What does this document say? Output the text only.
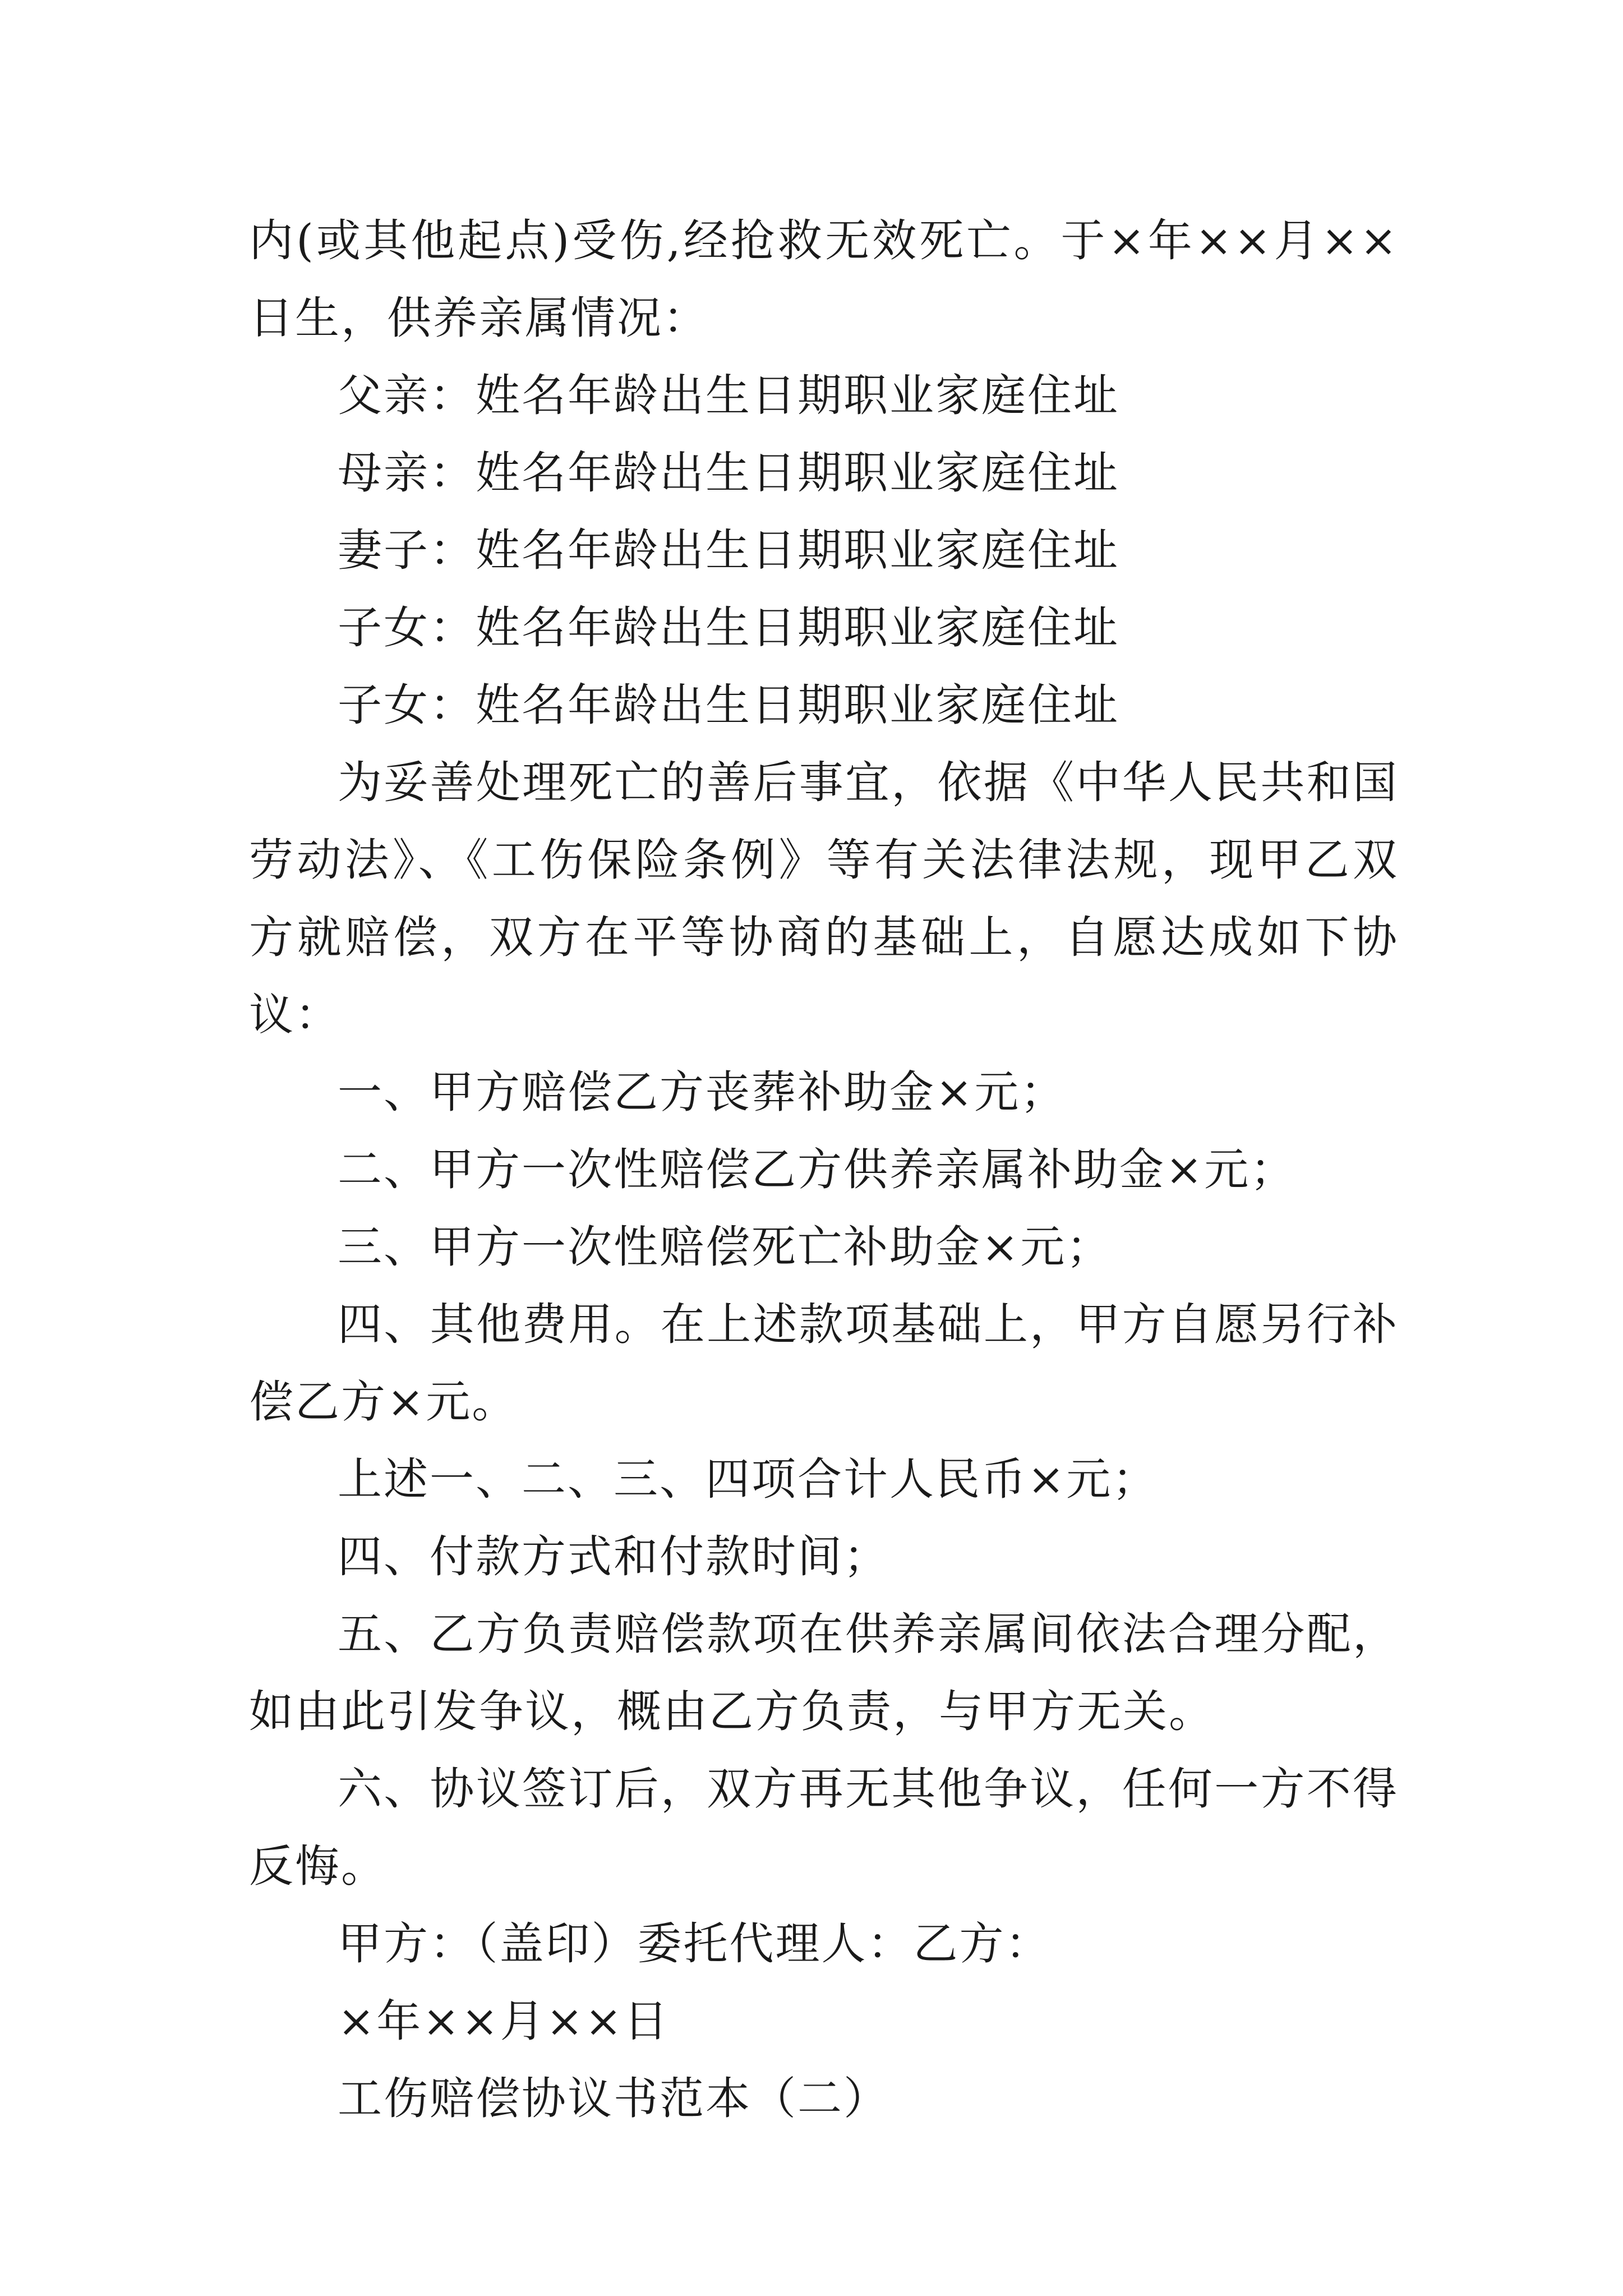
内(或其他起点)受伤,经抢救无效死亡。于×年××月××日生，供养亲属情况：

父亲：姓名年龄出生日期职业家庭住址

母亲：姓名年龄出生日期职业家庭住址

妻子：姓名年龄出生日期职业家庭住址

子女：姓名年龄出生日期职业家庭住址

子女：姓名年龄出生日期职业家庭住址

为妥善处理死亡的善后事宜，依据《中华人民共和国劳动法》、《工伤保险条例》等有关法律法规，现甲乙双方就赔偿，双方在平等协商的基础上，自愿达成如下协议：

一、甲方赔偿乙方丧葬补助金×元；

二、甲方一次性赔偿乙方供养亲属补助金×元；

三、甲方一次性赔偿死亡补助金×元；

四、其他费用。在上述款项基础上，甲方自愿另行补偿乙方×元。

上述一、二、三、四项合计人民币×元；

四、付款方式和付款时间；

五、乙方负责赔偿款项在供养亲属间依法合理分配，如由此引发争议，概由乙方负责，与甲方无关。

六、协议签订后，双方再无其他争议，任何一方不得反悔。

甲方：（盖印）委托代理人：乙方：

×年××月××日

工伤赔偿协议书范本（二）
